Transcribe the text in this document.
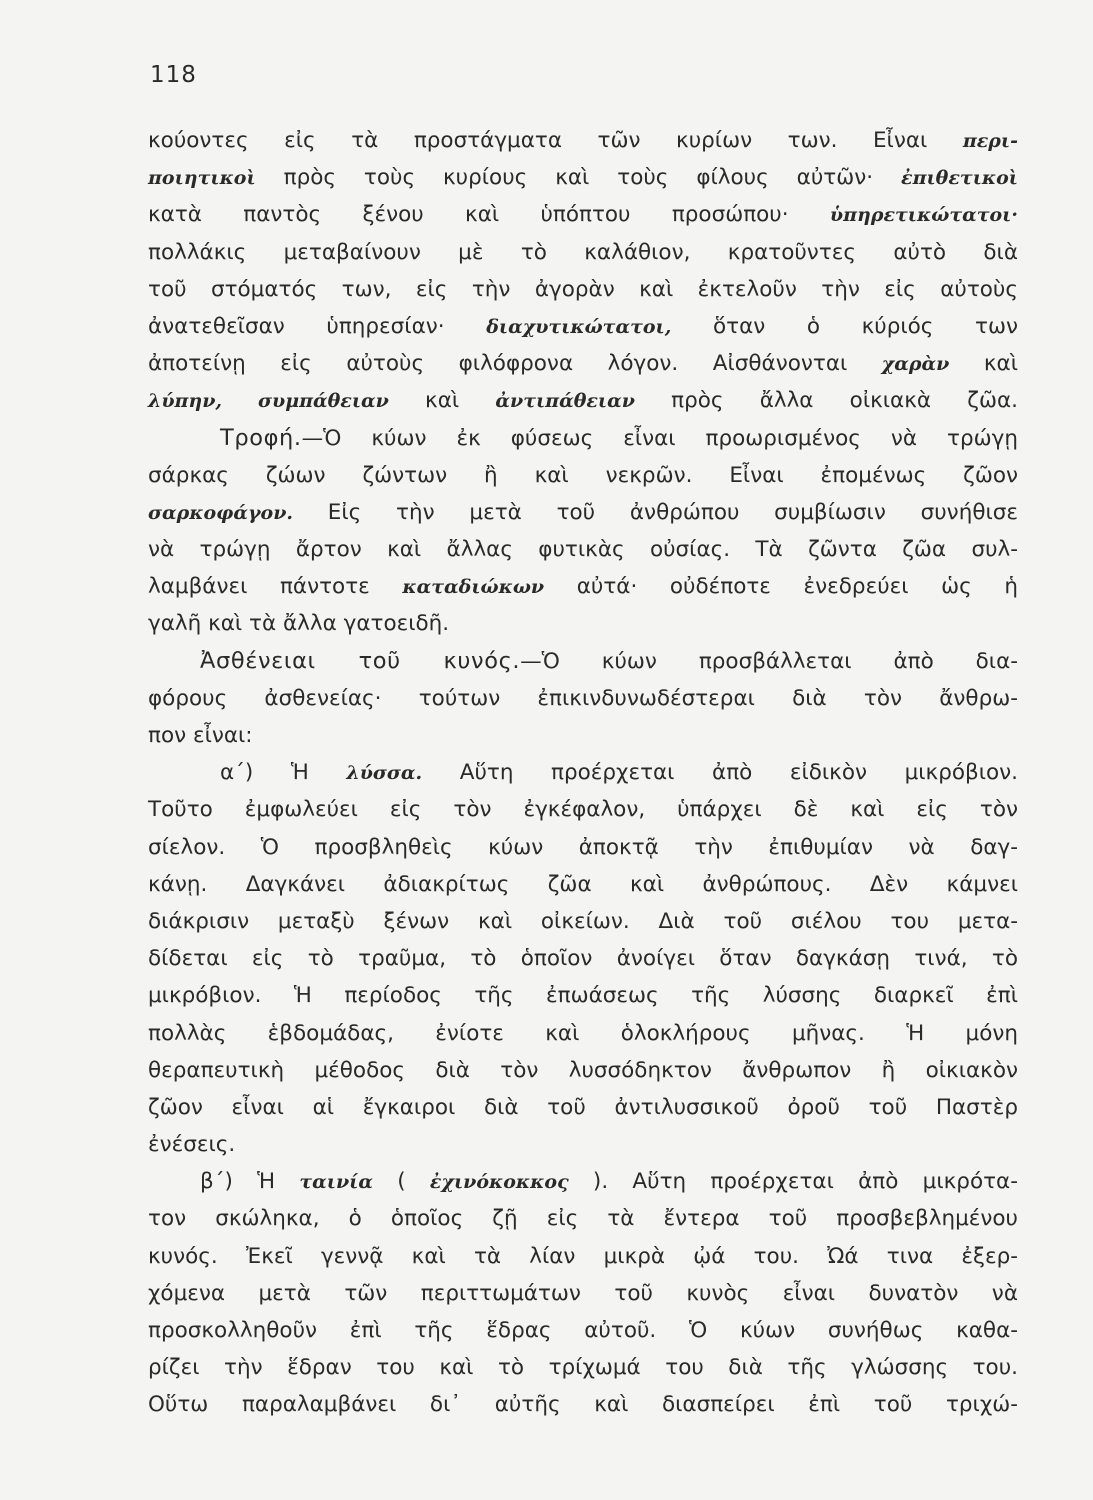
118
κούοντες εἰς τὰ προστάγματα τῶν κυρίων των. Εἶναι περι-
ποιητικοὶ πρὸς τοὺς κυρίους καὶ τοὺς φίλους αὐτῶν· ἐπιθετικοὶ
κατὰ παντὸς ξένου καὶ ὑπόπτου προσώπου· ὑπηρετικώτατοι·
πολλάκις μεταβαίνουν μὲ τὸ καλάθιον, κρατοῦντες αὐτὸ διὰ
τοῦ στόματός των, εἰς τὴν ἀγορὰν καὶ ἐκτελοῦν τὴν εἰς αὐτοὺς
ἀνατεθεῖσαν ὑπηρεσίαν· διαχυτικώτατοι, ὅταν ὁ κύριός των
ἀποτείνῃ εἰς αὐτοὺς φιλόφρονα λόγον. Αἰσθάνονται χαρὰν καὶ
λύπην, συμπάθειαν καὶ ἀντιπάθειαν πρὸς ἄλλα οἰκιακὰ ζῶα.
Τροφή.—Ὁ κύων ἐκ φύσεως εἶναι προωρισμένος νὰ τρώγῃ
σάρκας ζώων ζώντων ἢ καὶ νεκρῶν. Εἶναι ἐπομένως ζῶον
σαρκοφάγον. Εἰς τὴν μετὰ τοῦ ἀνθρώπου συμβίωσιν συνήθισε
νὰ τρώγῃ ἄρτον καὶ ἄλλας φυτικὰς οὐσίας. Τὰ ζῶντα ζῶα συλ-
λαμβάνει πάντοτε καταδιώκων αὐτά· οὐδέποτε ἐνεδρεύει ὡς ἡ
γαλῆ καὶ τὰ ἄλλα γατοειδῆ.
Ἀσθένειαι τοῦ κυνός.—Ὁ κύων προσβάλλεται ἀπὸ δια-
φόρους ἀσθενείας· τούτων ἐπικινδυνωδέστεραι διὰ τὸν ἄνθρω-
πον εἶναι:
α΄) Ἡ λύσσα. Αὕτη προέρχεται ἀπὸ εἰδικὸν μικρόβιον.
Τοῦτο ἐμφωλεύει εἰς τὸν ἐγκέφαλον, ὑπάρχει δὲ καὶ εἰς τὸν
σίελον. Ὁ προσβληθεὶς κύων ἀποκτᾷ τὴν ἐπιθυμίαν νὰ δαγ-
κάνῃ. Δαγκάνει ἀδιακρίτως ζῶα καὶ ἀνθρώπους. Δὲν κάμνει
διάκρισιν μεταξὺ ξένων καὶ οἰκείων. Διὰ τοῦ σιέλου του μετα-
δίδεται εἰς τὸ τραῦμα, τὸ ὁποῖον ἀνοίγει ὅταν δαγκάσῃ τινά, τὸ
μικρόβιον. Ἡ περίοδος τῆς ἐπωάσεως τῆς λύσσης διαρκεῖ ἐπὶ
πολλὰς ἑβδομάδας, ἐνίοτε καὶ ὁλοκλήρους μῆνας. Ἡ μόνη
θεραπευτικὴ μέθοδος διὰ τὸν λυσσόδηκτον ἄνθρωπον ἢ οἰκιακὸν
ζῶον εἶναι αἱ ἔγκαιροι διὰ τοῦ ἀντιλυσσικοῦ ὀροῦ τοῦ Παστὲρ
ἐνέσεις.
β΄) Ἡ ταινία ( ἐχινόκοκκος ). Αὕτη προέρχεται ἀπὸ μικρότα-
τον σκώληκα, ὁ ὁποῖος ζῇ εἰς τὰ ἔντερα τοῦ προσβεβλημένου
κυνός. Ἐκεῖ γεννᾷ καὶ τὰ λίαν μικρὰ ᾠά του. Ὠά τινα ἐξερ-
χόμενα μετὰ τῶν περιττωμάτων τοῦ κυνὸς εἶναι δυνατὸν νὰ
προσκολληθοῦν ἐπὶ τῆς ἕδρας αὐτοῦ. Ὁ κύων συνήθως καθα-
ρίζει τὴν ἕδραν του καὶ τὸ τρίχωμά του διὰ τῆς γλώσσης του.
Οὕτω παραλαμβάνει δι᾽ αὐτῆς καὶ διασπείρει ἐπὶ τοῦ τριχώ-
